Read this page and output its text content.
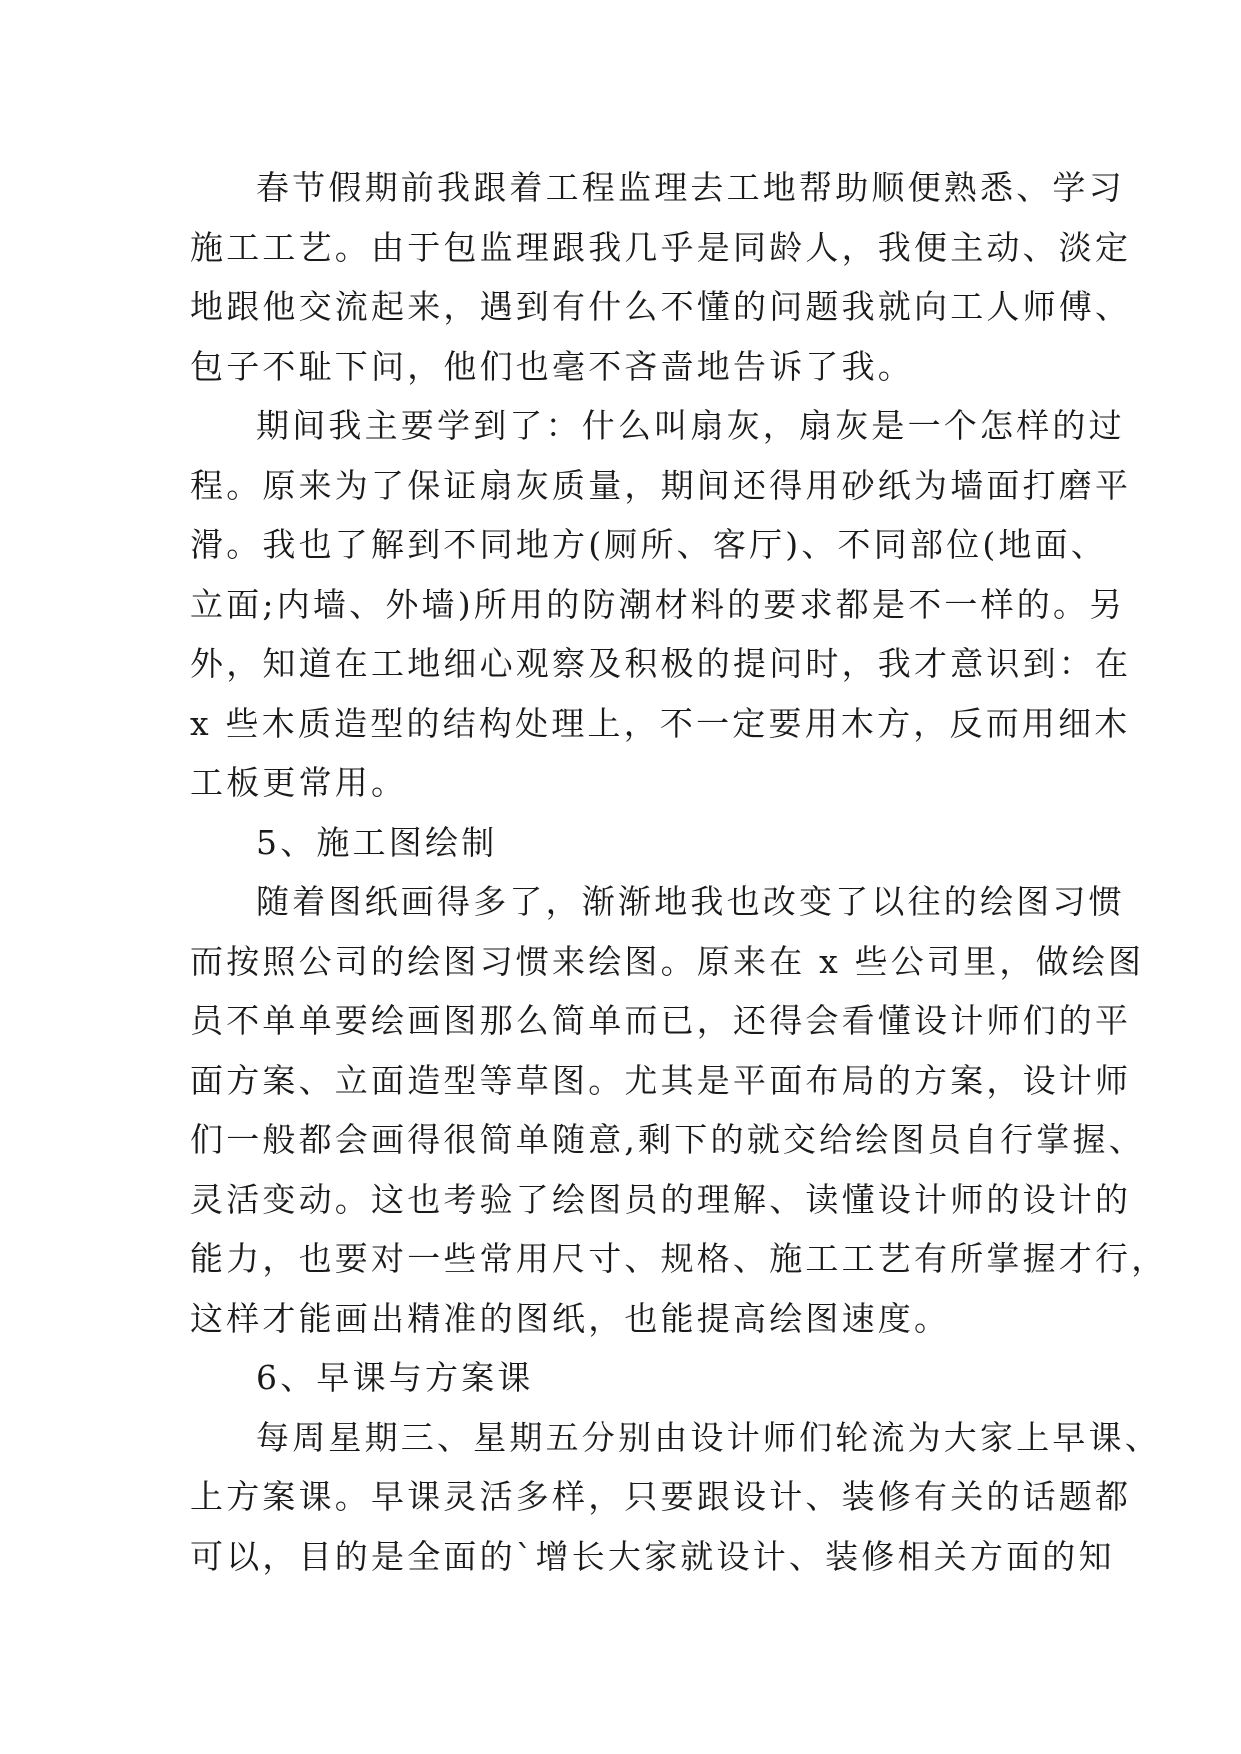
春节假期前我跟着工程监理去工地帮助顺便熟悉、学习
施工工艺。由于包监理跟我几乎是同龄人，我便主动、淡定
地跟他交流起来，遇到有什么不懂的问题我就向工人师傅、
包子不耻下问，他们也毫不吝啬地告诉了我。
期间我主要学到了：什么叫扇灰，扇灰是一个怎样的过
程。原来为了保证扇灰质量，期间还得用砂纸为墙面打磨平
滑。我也了解到不同地方(厕所、客厅)、不同部位(地面、
立面;内墙、外墙)所用的防潮材料的要求都是不一样的。另
外，知道在工地细心观察及积极的提问时，我才意识到：在
x 些木质造型的结构处理上，不一定要用木方，反而用细木
工板更常用。
5、施工图绘制
随着图纸画得多了，渐渐地我也改变了以往的绘图习惯
而按照公司的绘图习惯来绘图。原来在 x 些公司里，做绘图
员不单单要绘画图那么简单而已，还得会看懂设计师们的平
面方案、立面造型等草图。尤其是平面布局的方案，设计师
们一般都会画得很简单随意,剩下的就交给绘图员自行掌握、
灵活变动。这也考验了绘图员的理解、读懂设计师的设计的
能力，也要对一些常用尺寸、规格、施工工艺有所掌握才行，
这样才能画出精准的图纸，也能提高绘图速度。
6、早课与方案课
每周星期三、星期五分别由设计师们轮流为大家上早课、
上方案课。早课灵活多样，只要跟设计、装修有关的话题都
可以，目的是全面的`增长大家就设计、装修相关方面的知
